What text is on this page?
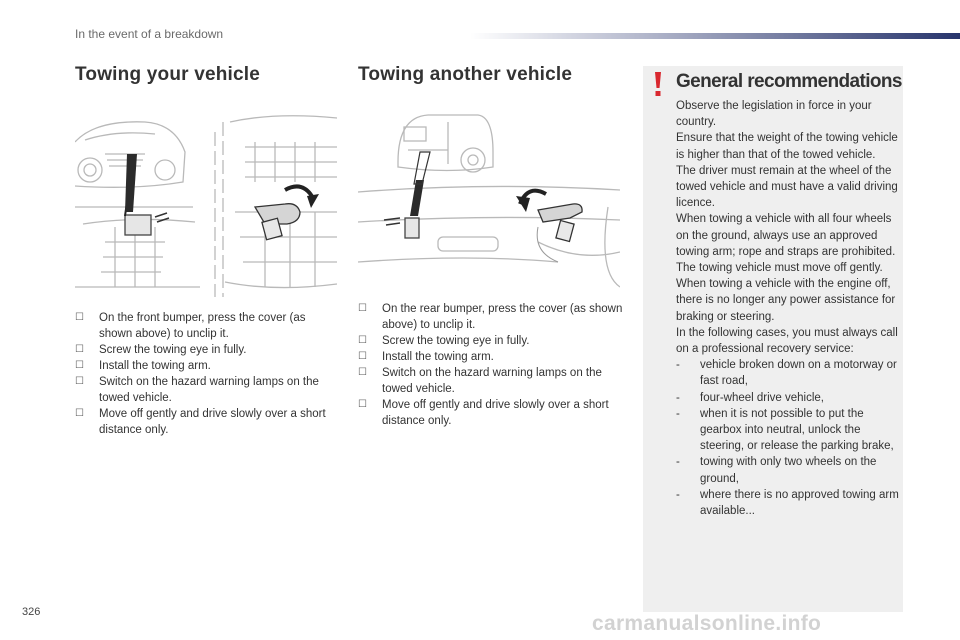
In the event of a breakdown
Towing your vehicle
☐ On the front bumper, press the cover (as shown above) to unclip it.
☐ Screw the towing eye in fully.
☐ Install the towing arm.
☐ Switch on the hazard warning lamps on the towed vehicle.
☐ Move off gently and drive slowly over a short distance only.
Towing another vehicle
☐ On the rear bumper, press the cover (as shown above) to unclip it.
☐ Screw the towing eye in fully.
☐ Install the towing arm.
☐ Switch on the hazard warning lamps on the towed vehicle.
☐ Move off gently and drive slowly over a short distance only.
General recommendations

Observe the legislation in force in your country.

Ensure that the weight of the towing vehicle is higher than that of the towed vehicle.

The driver must remain at the wheel of the towed vehicle and must have a valid driving licence.

When towing a vehicle with all four wheels on the ground, always use an approved towing arm; rope and straps are prohibited.

The towing vehicle must move off gently.

When towing a vehicle with the engine off, there is no longer any power assistance for braking or steering.

In the following cases, you must always call on a professional recovery service:

- vehicle broken down on a motorway or fast road,
- four-wheel drive vehicle,
- when it is not possible to put the gearbox into neutral, unlock the steering, or release the parking brake,
- towing with only two wheels on the ground,
- where there is no approved towing arm available...
326	carmanualsonline.info
